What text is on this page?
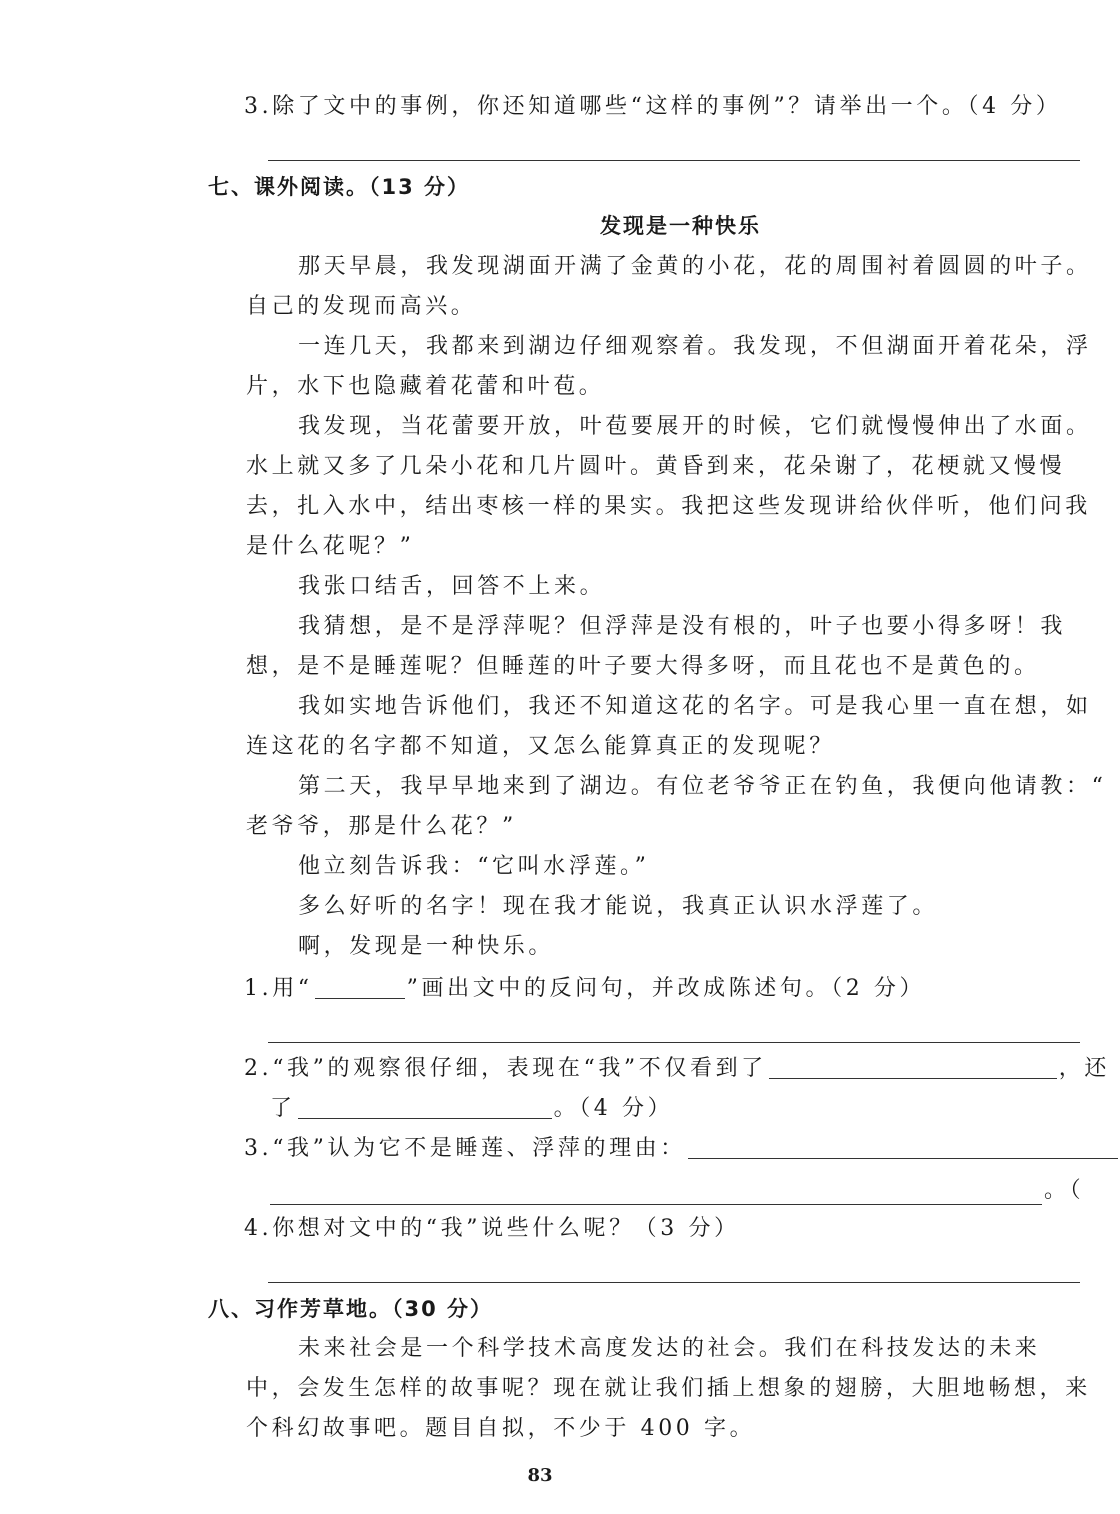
3.除了文中的事例，你还知道哪些“这样的事例”？请举出一个。（4 分）
七、课外阅读。（13 分）
发现是一种快乐
那天早晨，我发现湖面开满了金黄的小花，花的周围衬着圆圆的叶子。
自己的发现而高兴。
一连几天，我都来到湖边仔细观察着。我发现，不但湖面开着花朵，浮
片，水下也隐藏着花蕾和叶苞。
我发现，当花蕾要开放，叶苞要展开的时候，它们就慢慢伸出了水面。
水上就又多了几朵小花和几片圆叶。黄昏到来，花朵谢了，花梗就又慢慢
去，扎入水中，结出枣核一样的果实。我把这些发现讲给伙伴听，他们问我
是什么花呢？”
我张口结舌，回答不上来。
我猜想，是不是浮萍呢？但浮萍是没有根的，叶子也要小得多呀！我
想，是不是睡莲呢？但睡莲的叶子要大得多呀，而且花也不是黄色的。
我如实地告诉他们，我还不知道这花的名字。可是我心里一直在想，如
连这花的名字都不知道，又怎么能算真正的发现呢？
第二天，我早早地来到了湖边。有位老爷爷正在钓鱼，我便向他请教：“
老爷爷，那是什么花？”
他立刻告诉我：“它叫水浮莲。”
多么好听的名字！现在我才能说，我真正认识水浮莲了。
啊，发现是一种快乐。
1.用“	”画出文中的反问句，并改成陈述句。（2 分）
2.“我”的观察很仔细，表现在“我”不仅看到了	，还
了	。（4 分）
3.“我”认为它不是睡莲、浮萍的理由：
。（
4.你想对文中的“我”说些什么呢？（3 分）
八、习作芳草地。（30 分）
未来社会是一个科学技术高度发达的社会。我们在科技发达的未来
中，会发生怎样的故事呢？现在就让我们插上想象的翅膀，大胆地畅想，来
个科幻故事吧。题目自拟，不少于 400 字。
83
